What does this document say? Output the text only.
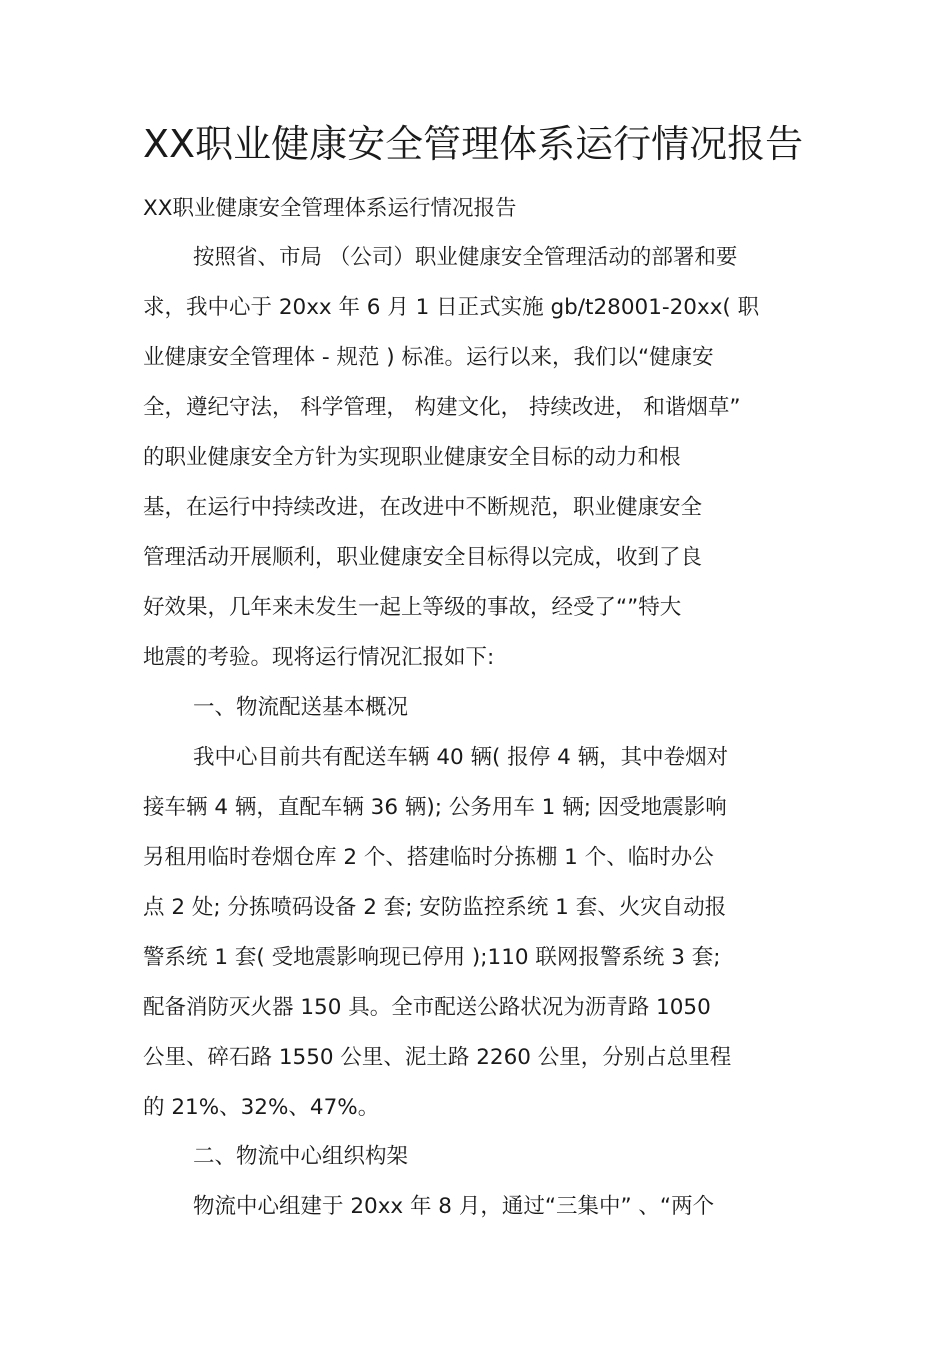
XX职业健康安全管理体系运行情况报告
XX职业健康安全管理体系运行情况报告
按照省、市局 （公司）职业健康安全管理活动的部署和要
求，我中心于 20xx 年 6 月 1 日正式实施 gb/t28001-20xx( 职
业健康安全管理体 - 规范 ) 标准。运行以来，我们以“健康安
全，遵纪守法， 科学管理， 构建文化， 持续改进， 和谐烟草”
的职业健康安全方针为实现职业健康安全目标的动力和根
基，在运行中持续改进，在改进中不断规范，职业健康安全
管理活动开展顺利，职业健康安全目标得以完成，收到了良
好效果，几年来未发生一起上等级的事故，经受了“”特大
地震的考验。现将运行情况汇报如下:
一、物流配送基本概况
我中心目前共有配送车辆 40 辆( 报停 4 辆，其中卷烟对
接车辆 4 辆，直配车辆 36 辆); 公务用车 1 辆; 因受地震影响
另租用临时卷烟仓库 2 个、搭建临时分拣棚 1 个、临时办公
点 2 处; 分拣喷码设备 2 套; 安防监控系统 1 套、火灾自动报
警系统 1 套( 受地震影响现已停用 );110 联网报警系统 3 套;
配备消防灭火器 150 具。全市配送公路状况为沥青路 1050
公里、碎石路 1550 公里、泥土路 2260 公里，分别占总里程
的 21%、32%、47%。
二、物流中心组织构架
物流中心组建于 20xx 年 8 月，通过“三集中” 、“两个
